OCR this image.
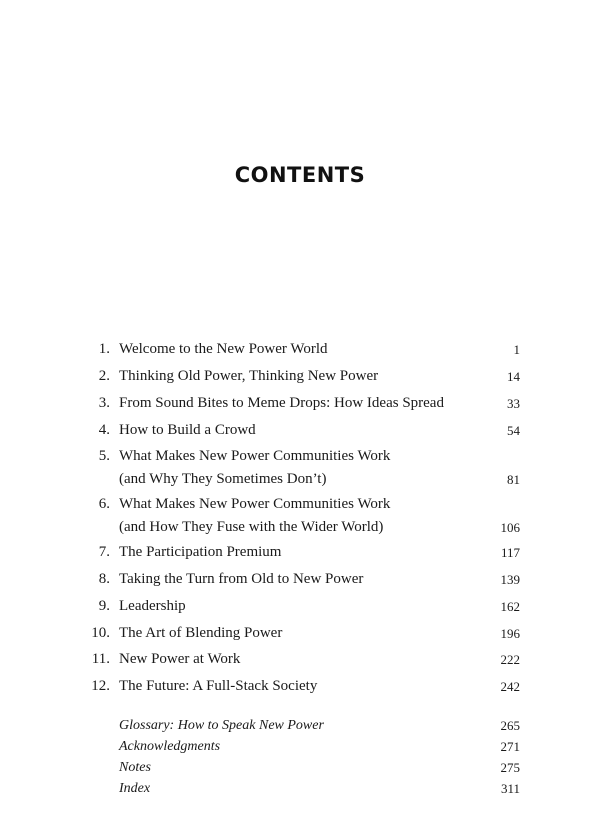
CONTENTS
1. Welcome to the New Power World	1
2. Thinking Old Power, Thinking New Power	14
3. From Sound Bites to Meme Drops: How Ideas Spread	33
4. How to Build a Crowd	54
5. What Makes New Power Communities Work
(and Why They Sometimes Don’t)	81
6. What Makes New Power Communities Work
(and How They Fuse with the Wider World)	106
7. The Participation Premium	117
8. Taking the Turn from Old to New Power	139
9. Leadership	162
10. The Art of Blending Power	196
11. New Power at Work	222
12. The Future: A Full-Stack Society	242
Glossary: How to Speak New Power	265
Acknowledgments	271
Notes	275
Index	311
